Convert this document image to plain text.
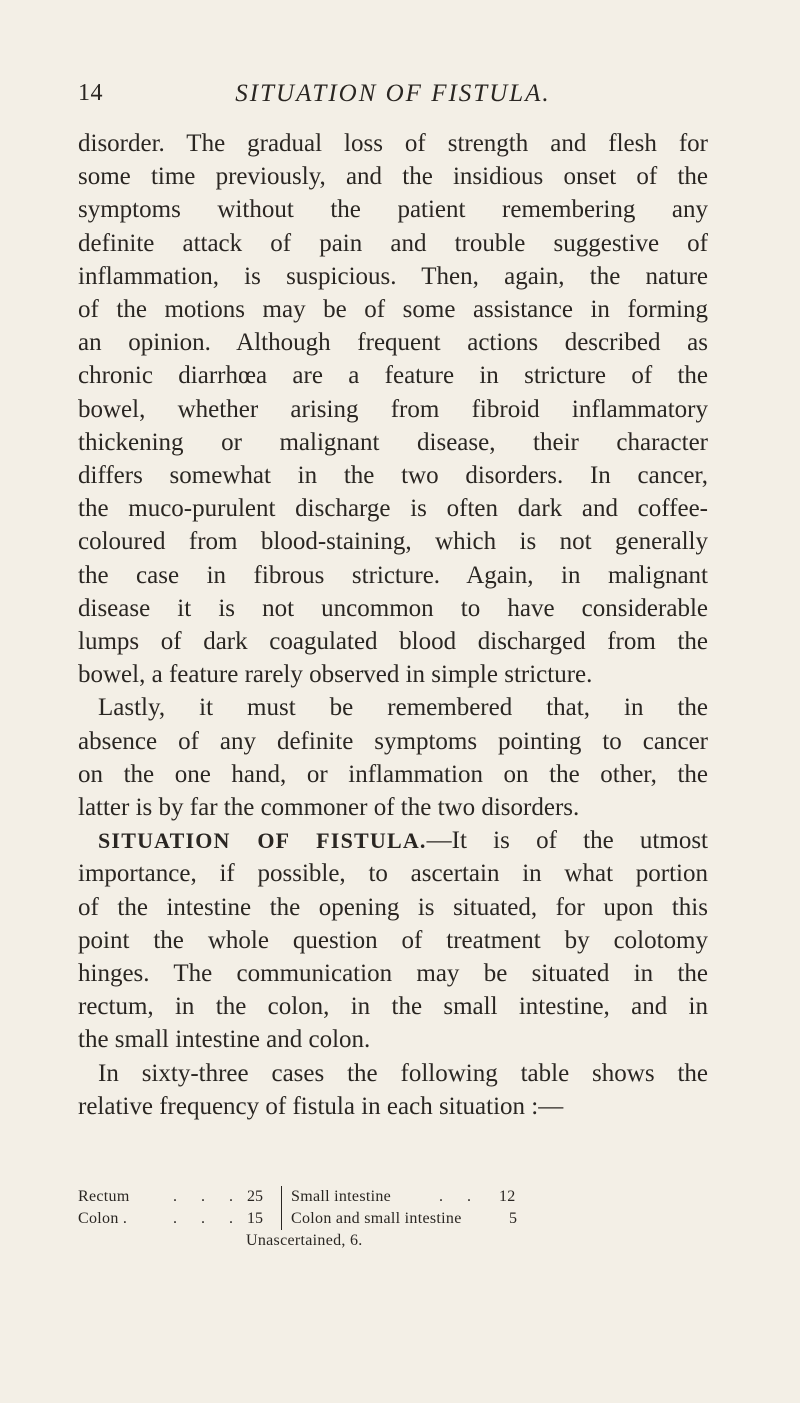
14	SITUATION OF FISTULA.
disorder. The gradual loss of strength and flesh for
some time previously, and the insidious onset of the
symptoms without the patient remembering any
definite attack of pain and trouble suggestive of
inflammation, is suspicious. Then, again, the nature
of the motions may be of some assistance in forming
an opinion. Although frequent actions described as
chronic diarrhœa are a feature in stricture of the
bowel, whether arising from fibroid inflammatory
thickening or malignant disease, their character
differs somewhat in the two disorders. In cancer,
the muco-purulent discharge is often dark and coffee-
coloured from blood-staining, which is not generally
the case in fibrous stricture. Again, in malignant
disease it is not uncommon to have considerable
lumps of dark coagulated blood discharged from the
bowel, a feature rarely observed in simple stricture.
Lastly, it must be remembered that, in the
absence of any definite symptoms pointing to cancer
on the one hand, or inflammation on the other, the
latter is by far the commoner of the two disorders.
SITUATION OF FISTULA.—It is of the utmost
importance, if possible, to ascertain in what portion
of the intestine the opening is situated, for upon this
point the whole question of treatment by colotomy
hinges. The communication may be situated in the
rectum, in the colon, in the small intestine, and in
the small intestine and colon.
In sixty-three cases the following table shows the
relative frequency of fistula in each situation :—
Rectum	. . . 25 Small intestine	. . 12
Colon .	. . . 15 Colon and small intestine	5
Unascertained, 6.
